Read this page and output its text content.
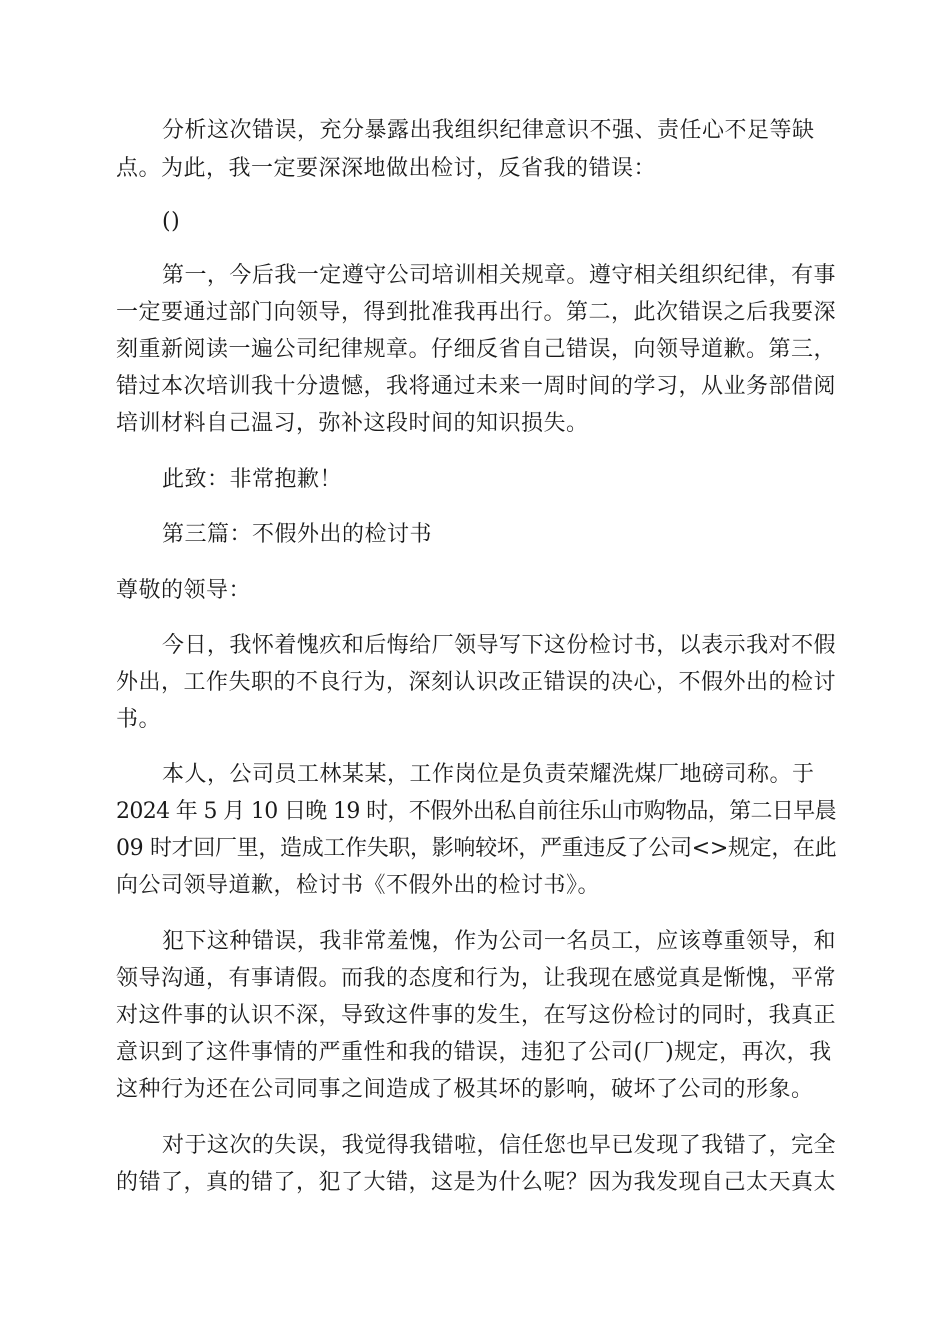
分析这次错误，充分暴露出我组织纪律意识不强、责任心不足等缺
点。为此，我一定要深深地做出检讨，反省我的错误：
()
第一，今后我一定遵守公司培训相关规章。遵守相关组织纪律，有事
一定要通过部门向领导，得到批准我再出行。第二，此次错误之后我要深
刻重新阅读一遍公司纪律规章。仔细反省自己错误，向领导道歉。第三，
错过本次培训我十分遗憾，我将通过未来一周时间的学习，从业务部借阅
培训材料自己温习，弥补这段时间的知识损失。
此致：非常抱歉！
第三篇：不假外出的检讨书
尊敬的领导：
今日，我怀着愧疚和后悔给厂领导写下这份检讨书，以表示我对不假
外出，工作失职的不良行为，深刻认识改正错误的决心，不假外出的检讨
书。
本人，公司员工林某某，工作岗位是负责荣耀洗煤厂地磅司称。于
2024 年 5 月 10 日晚 19 时，不假外出私自前往乐山市购物品，第二日早晨
09 时才回厂里，造成工作失职，影响较坏，严重违反了公司<>规定，在此
向公司领导道歉，检讨书《不假外出的检讨书》。
犯下这种错误，我非常羞愧，作为公司一名员工，应该尊重领导，和
领导沟通，有事请假。而我的态度和行为，让我现在感觉真是惭愧，平常
对这件事的认识不深，导致这件事的发生，在写这份检讨的同时，我真正
意识到了这件事情的严重性和我的错误，违犯了公司(厂)规定，再次，我
这种行为还在公司同事之间造成了极其坏的影响，破坏了公司的形象。
对于这次的失误，我觉得我错啦，信任您也早已发现了我错了，完全
的错了，真的错了，犯了大错，这是为什么呢？因为我发现自己太天真太
